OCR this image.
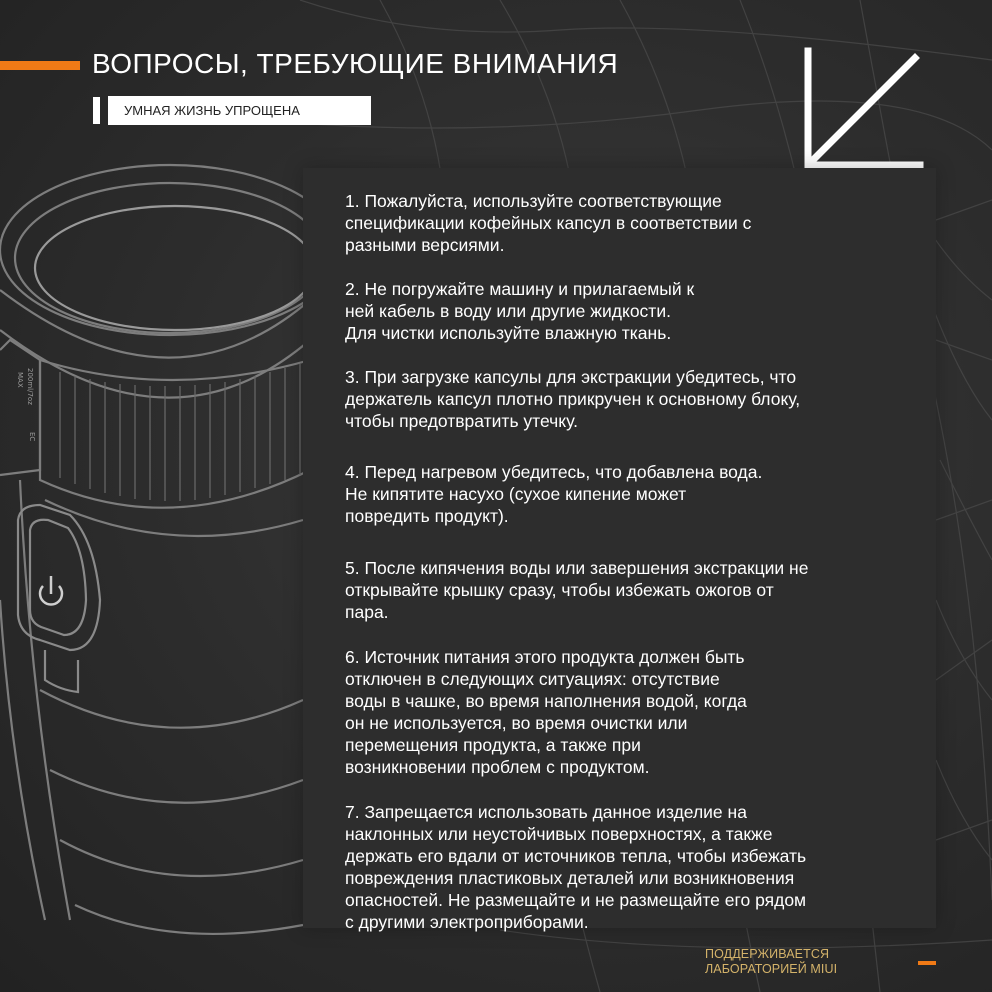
MAX 200ml/7oz
EC
ВОПРОСЫ, ТРЕБУЮЩИЕ ВНИМАНИЯ
УМНАЯ ЖИЗНЬ УПРОЩЕНА
1. Пожалуйста, используйте соответствующие
спецификации кофейных капсул в соответствии с
разными версиями.
2. Не погружайте машину и прилагаемый к
ней кабель в воду или другие жидкости.
Для чистки используйте влажную ткань.
3. При загрузке капсулы для экстракции убедитесь, что
держатель капсул плотно прикручен к основному блоку,
чтобы предотвратить утечку.
4. Перед нагревом убедитесь, что добавлена вода.
Не кипятите насухо (сухое кипение может
повредить продукт).
5. После кипячения воды или завершения экстракции не
открывайте крышку сразу, чтобы избежать ожогов от
пара.
6. Источник питания этого продукта должен быть
отключен в следующих ситуациях: отсутствие
воды в чашке, во время наполнения водой, когда
он не используется, во время очистки или
перемещения продукта, а также при
возникновении проблем с продуктом.
7. Запрещается использовать данное изделие на
наклонных или неустойчивых поверхностях, а также
держать его вдали от источников тепла, чтобы избежать
повреждения пластиковых деталей или возникновения
опасностей. Не размещайте и не размещайте его рядом
с другими электроприборами.
ПОДДЕРЖИВАЕТСЯ
ЛАБОРАТОРИЕЙ MIUI
